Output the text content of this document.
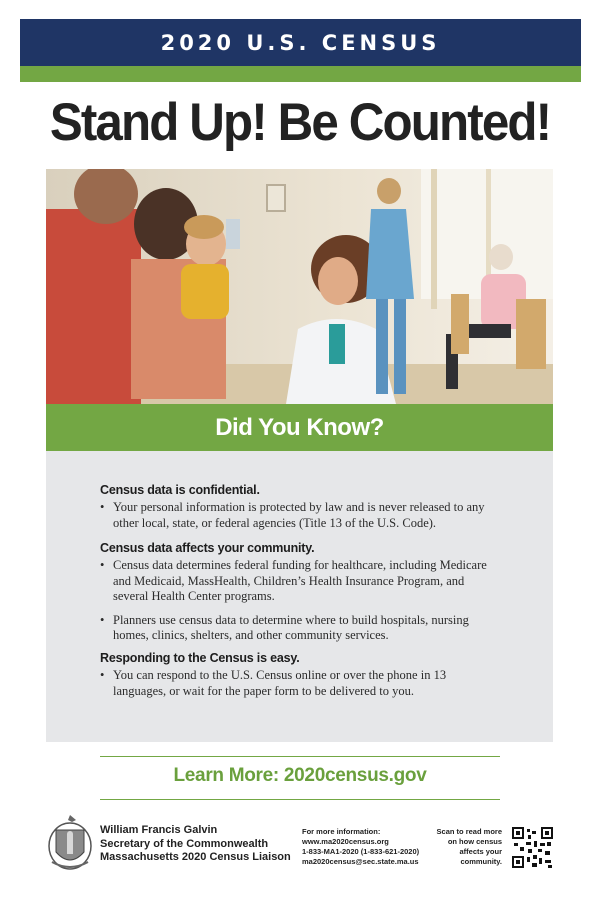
2020 U.S. CENSUS
Stand Up! Be Counted!
Did You Know?
Census data is confidential.
• Your personal information is protected by law and is never released to any other local, state, or federal agencies (Title 13 of the U.S. Code).
Census data affects your community.
• Census data determines federal funding for healthcare, including Medicare and Medicaid, MassHealth, Children’s Health Insurance Program, and several Health Center programs.
• Planners use census data to determine where to build hospitals, nursing homes, clinics, shelters, and other community services.
Responding to the Census is easy.
• You can respond to the U.S. Census online or over the phone in 13 languages, or wait for the paper form to be delivered to you.
Learn More: 2020census.gov
William Francis Galvin
Secretary of the Commonwealth
Massachusetts 2020 Census Liaison
For more information:
www.ma2020census.org
1-833-MA1-2020 (1-833-621-2020)
ma2020census@sec.state.ma.us
Scan to read more
on how census
affects your
community.
